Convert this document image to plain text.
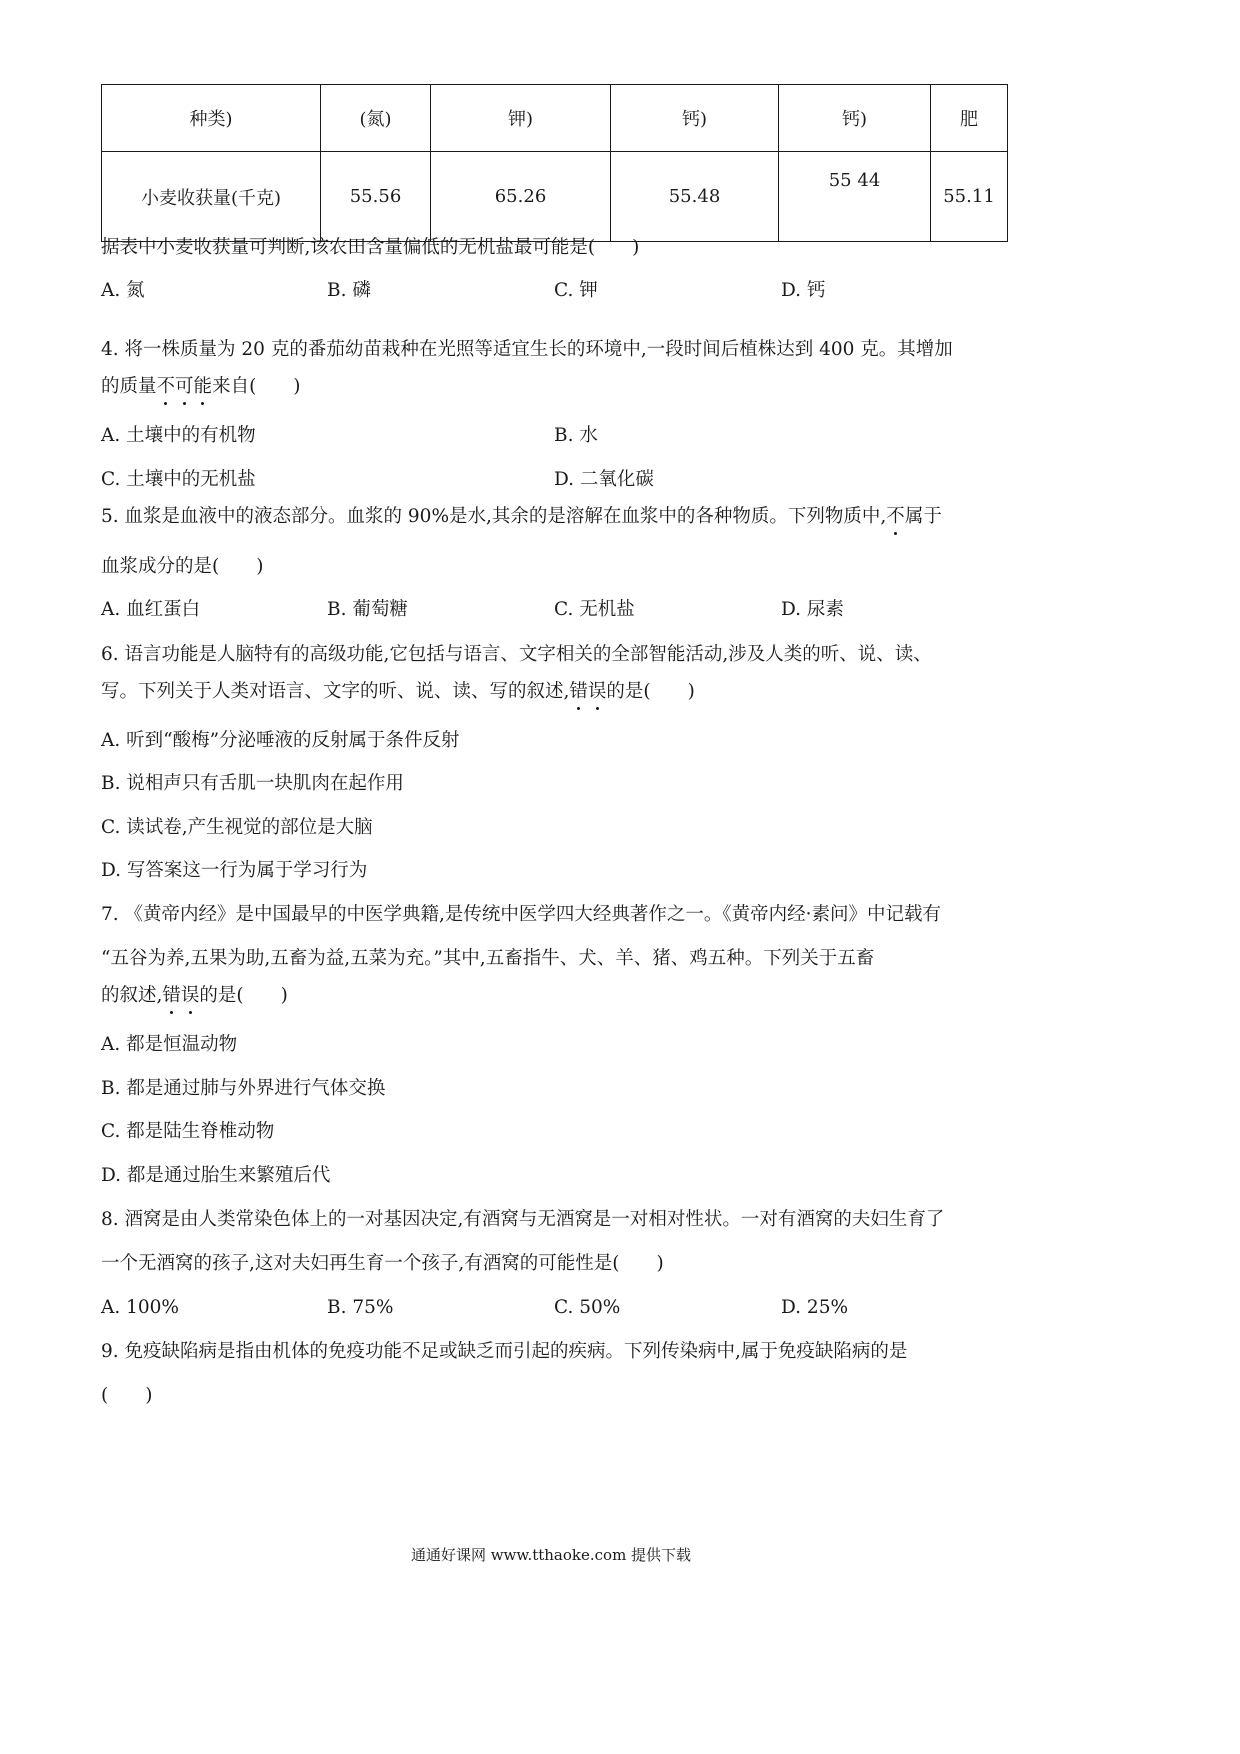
种类)	(氮)	钾)	钙)	钙)	肥
小麦收获量(千克)	55.56	65.26	55.48	55 44	55.11
据表中小麦收获量可判断,该农田含量偏低的无机盐最可能是(　　)
A. 氮	B. 磷	C. 钾	D. 钙
4. 将一株质量为 20 克的番茄幼苗栽种在光照等适宜生长的环境中,一段时间后植株达到 400 克。其增加
的质量不可能来自(　　)
A. 土壤中的有机物	B. 水
C. 土壤中的无机盐	D. 二氧化碳
5. 血浆是血液中的液态部分。血浆的 90%是水,其余的是溶解在血浆中的各种物质。下列物质中,不属于
血浆成分的是(　　)
A. 血红蛋白	B. 葡萄糖	C. 无机盐	D. 尿素
6. 语言功能是人脑特有的高级功能,它包括与语言、文字相关的全部智能活动,涉及人类的听、说、读、
写。下列关于人类对语言、文字的听、说、读、写的叙述,错误的是(　　)
A. 听到“酸梅”分泌唾液的反射属于条件反射
B. 说相声只有舌肌一块肌肉在起作用
C. 读试卷,产生视觉的部位是大脑
D. 写答案这一行为属于学习行为
7. 《黄帝内经》是中国最早的中医学典籍,是传统中医学四大经典著作之一。《黄帝内经·素问》中记载有
“五谷为养,五果为助,五畜为益,五菜为充。”其中,五畜指牛、犬、羊、猪、鸡五种。下列关于五畜
的叙述,错误的是(　　)
A. 都是恒温动物
B. 都是通过肺与外界进行气体交换
C. 都是陆生脊椎动物
D. 都是通过胎生来繁殖后代
8. 酒窝是由人类常染色体上的一对基因决定,有酒窝与无酒窝是一对相对性状。一对有酒窝的夫妇生育了
一个无酒窝的孩子,这对夫妇再生育一个孩子,有酒窝的可能性是(　　)
A. 100%	B. 75%	C. 50%	D. 25%
9. 免疫缺陷病是指由机体的免疫功能不足或缺乏而引起的疾病。下列传染病中,属于免疫缺陷病的是
(　　)
通通好课网 www.tthaoke.com 提供下载
